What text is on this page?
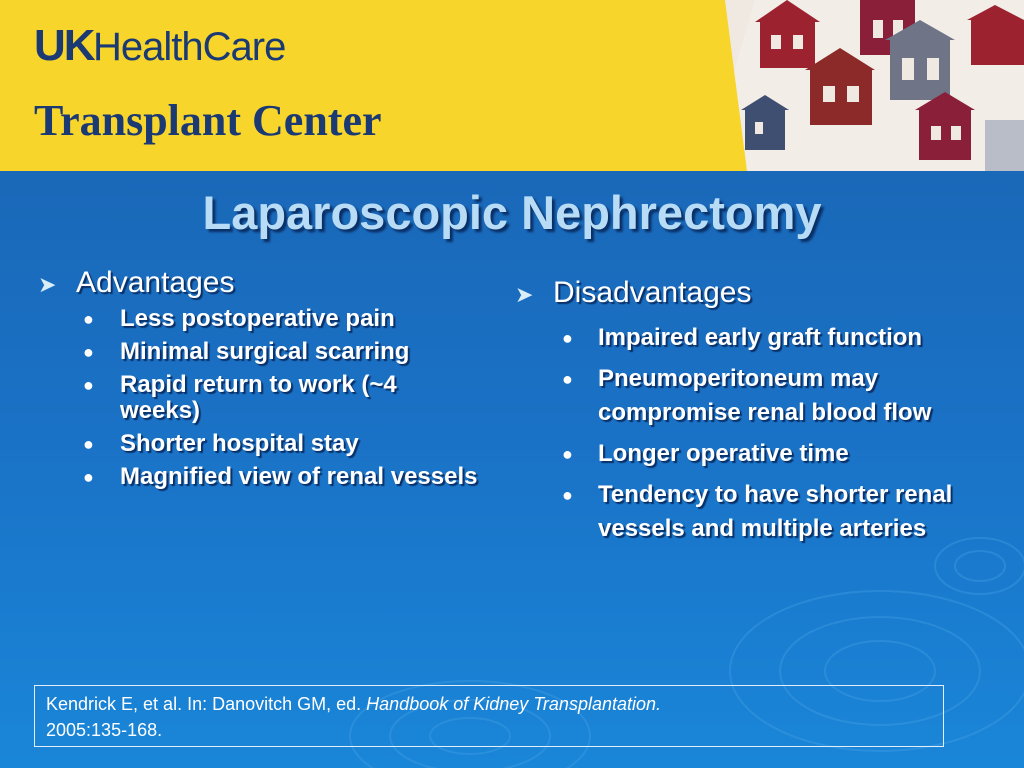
UK HealthCare
Transplant Center
Laparoscopic Nephrectomy
➤ Advantages
● Less postoperative pain
● Minimal surgical scarring
● Rapid return to work (~4 weeks)
● Shorter hospital stay
● Magnified view of renal vessels
➤ Disadvantages
● Impaired early graft function
● Pneumoperitoneum may compromise renal blood flow
● Longer operative time
● Tendency to have shorter renal vessels and multiple arteries
Kendrick E, et al. In: Danovitch GM, ed. Handbook of Kidney Transplantation.
2005:135-168.
